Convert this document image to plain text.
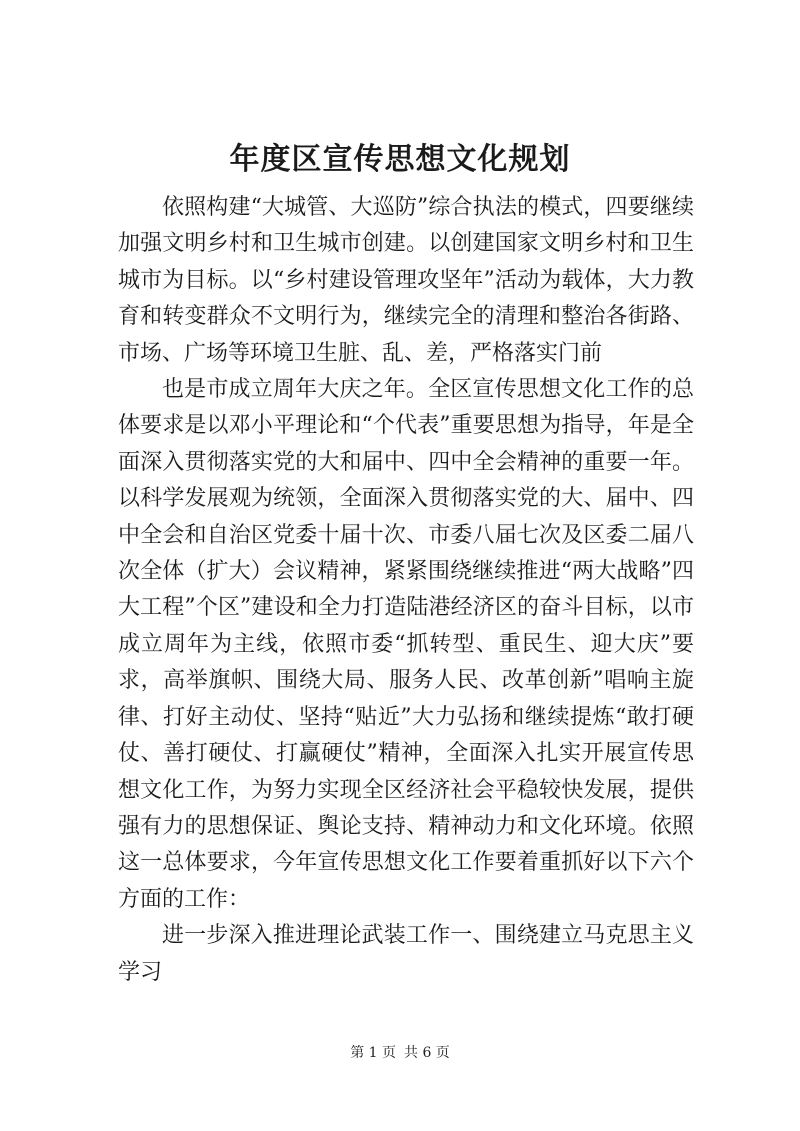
年度区宣传思想文化规划

依照构建“大城管、大巡防”综合执法的模式，四要继续加强文明乡村和卫生城市创建。以创建国家文明乡村和卫生城市为目标。以“乡村建设管理攻坚年”活动为载体，大力教育和转变群众不文明行为，继续完全的清理和整治各街路、市场、广场等环境卫生脏、乱、差，严格落实门前

也是市成立周年大庆之年。全区宣传思想文化工作的总体要求是以邓小平理论和“个代表”重要思想为指导，年是全面深入贯彻落实党的大和届中、四中全会精神的重要一年。以科学发展观为统领，全面深入贯彻落实党的大、届中、四中全会和自治区党委十届十次、市委八届七次及区委二届八次全体（扩大）会议精神，紧紧围绕继续推进“两大战略”四大工程”个区”建设和全力打造陆港经济区的奋斗目标，以市成立周年为主线，依照市委“抓转型、重民生、迎大庆”要求，高举旗帜、围绕大局、服务人民、改革创新”唱响主旋律、打好主动仗、坚持“贴近”大力弘扬和继续提炼“敢打硬仗、善打硬仗、打赢硬仗”精神，全面深入扎实开展宣传思想文化工作，为努力实现全区经济社会平稳较快发展，提供强有力的思想保证、舆论支持、精神动力和文化环境。依照这一总体要求，今年宣传思想文化工作要着重抓好以下六个方面的工作：

进一步深入推进理论武装工作一、围绕建立马克思主义学习

第 1 页 共 6 页
